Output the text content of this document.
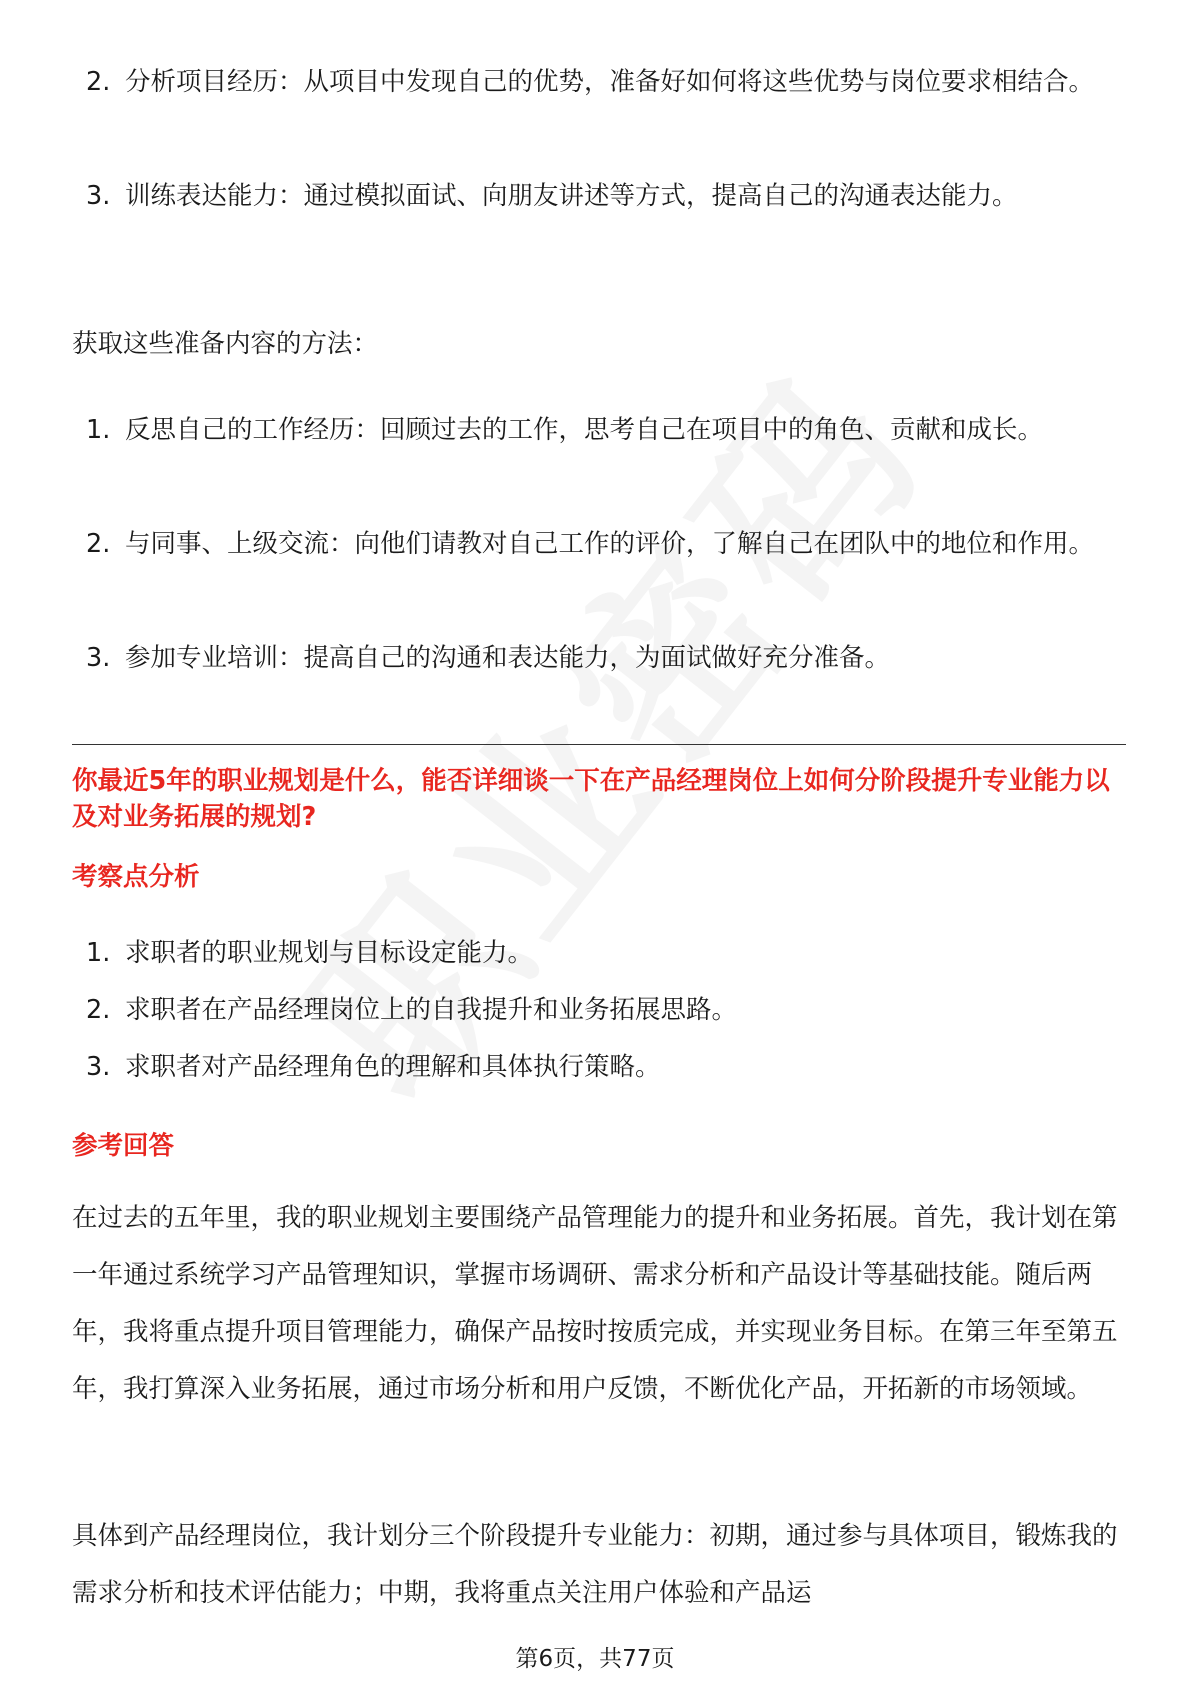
2. 分析项目经历：从项目中发现自己的优势，准备好如何将这些优势与岗位要求相结合。
3. 训练表达能力：通过模拟面试、向朋友讲述等方式，提高自己的沟通表达能力。

获取这些准备内容的方法：

1. 反思自己的工作经历：回顾过去的工作，思考自己在项目中的角色、贡献和成长。
2. 与同事、上级交流：向他们请教对自己工作的评价，了解自己在团队中的地位和作用。
3. 参加专业培训：提高自己的沟通和表达能力，为面试做好充分准备。
你最近5年的职业规划是什么，能否详细谈一下在产品经理岗位上如何分阶段提升专业能力以及对业务拓展的规划?
考察点分析
1. 求职者的职业规划与目标设定能力。
2. 求职者在产品经理岗位上的自我提升和业务拓展思路。
3. 求职者对产品经理角色的理解和具体执行策略。
参考回答

在过去的五年里，我的职业规划主要围绕产品管理能力的提升和业务拓展。首先，我计划在第一年通过系统学习产品管理知识，掌握市场调研、需求分析和产品设计等基础技能。随后两年，我将重点提升项目管理能力，确保产品按时按质完成，并实现业务目标。在第三年至第五年，我打算深入业务拓展，通过市场分析和用户反馈，不断优化产品，开拓新的市场领域。

具体到产品经理岗位，我计划分三个阶段提升专业能力：初期，通过参与具体项目，锻炼我的需求分析和技术评估能力；中期，我将重点关注用户体验和产品运

第6页，共77页
